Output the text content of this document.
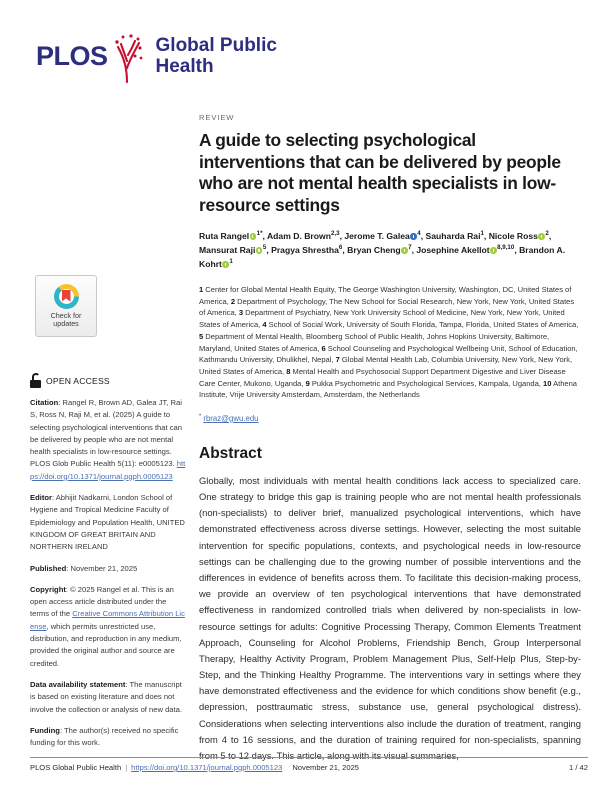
PLOS	Global Public
Health
Check for
updates
OPEN ACCESS
Citation: Rangel R, Brown AD, Galea JT, Rai S, Ross N, Raji M, et al. (2025) A guide to selecting psychological interventions that can be delivered by people who are not mental health specialists in low-resource settings. PLOS Glob Public Health 5(11): e0005123. https://doi.org/10.1371/journal.pgph.0005123
Editor: Abhijit Nadkarni, London School of Hygiene and Tropical Medicine Faculty of Epidemiology and Population Health, UNITED KINGDOM OF GREAT BRITAIN AND NORTHERN IRELAND
Published: November 21, 2025
Copyright: © 2025 Rangel et al. This is an open access article distributed under the terms of the Creative Commons Attribution License, which permits unrestricted use, distribution, and reproduction in any medium, provided the original author and source are credited.
Data availability statement: The manuscript is based on existing literature and does not involve the collection or analysis of new data.
Funding: The author(s) received no specific funding for this work.
REVIEW
A guide to selecting psychological interventions that can be delivered by people who are not mental health specialists in low-resource settings
Ruta Rangel $^{1*}$, Adam D. Brown$^{2,3}$, Jerome T. Galea $^4$, Sauharda Rai$^1$, Nicole Ross $^2$, Mansurat Raji $^5$, Pragya Shrestha$^6$, Bryan Cheng $^7$, Josephine Akellot $^{8,9,10}$, Brandon A. Kohrt $^1$
1 Center for Global Mental Health Equity, The George Washington University, Washington, DC, United States of America, 2 Department of Psychology, The New School for Social Research, New York, New York, United States of America, 3 Department of Psychiatry, New York University School of Medicine, New York, New York, United States of America, 4 School of Social Work, University of South Florida, Tampa, Florida, United States of America, 5 Department of Mental Health, Bloomberg School of Public Health, Johns Hopkins University, Baltimore, Maryland, United States of America, 6 School Counseling and Psychological Wellbeing Unit, School of Education, Kathmandu University, Dhulikhel, Nepal, 7 Global Mental Health Lab, Columbia University, New York, New York, United States of America, 8 Mental Health and Psychosocial Support Department Digestive and Liver Disease Care Center, Mukono, Uganda, 9 Pukka Psychometric and Psychological Services, Kampala, Uganda, 10 Athena Institute, Vrije University Amsterdam, Amsterdam, the Netherlands
* rbraz@gwu.edu
Abstract
Globally, most individuals with mental health conditions lack access to specialized care. One strategy to bridge this gap is training people who are not mental health professionals (non-specialists) to deliver brief, manualized psychological interventions, which have demonstrated effectiveness across diverse settings. However, selecting the most suitable intervention for specific populations, contexts, and psychological needs in low-resource settings can be challenging due to the growing number of possible interventions and the differences in evidence of benefits across them. To facilitate this decision-making process, we provide an overview of ten psychological interventions that have demonstrated effectiveness in randomized controlled trials when delivered by non-specialists in low-resource settings for adults: Cognitive Processing Therapy, Common Elements Treatment Approach, Counseling for Alcohol Problems, Friendship Bench, Group Interpersonal Therapy, Healthy Activity Program, Problem Management Plus, Self-Help Plus, Step-by-Step, and the Thinking Healthy Programme. The interventions vary in settings where they have demonstrated effectiveness and the evidence for which conditions show benefit (e.g., depression, posttraumatic stress, substance use, general psychological distress). Considerations when selecting interventions also include the duration of treatment, ranging from 4 to 16 sessions, and the duration of training required for non-specialists, spanning from 5 to 12 days. This article, along with its visual summaries,
PLOS Global Public Health | https://doi.org/10.1371/journal.pgph.0005123 November 21, 2025	1 / 42
